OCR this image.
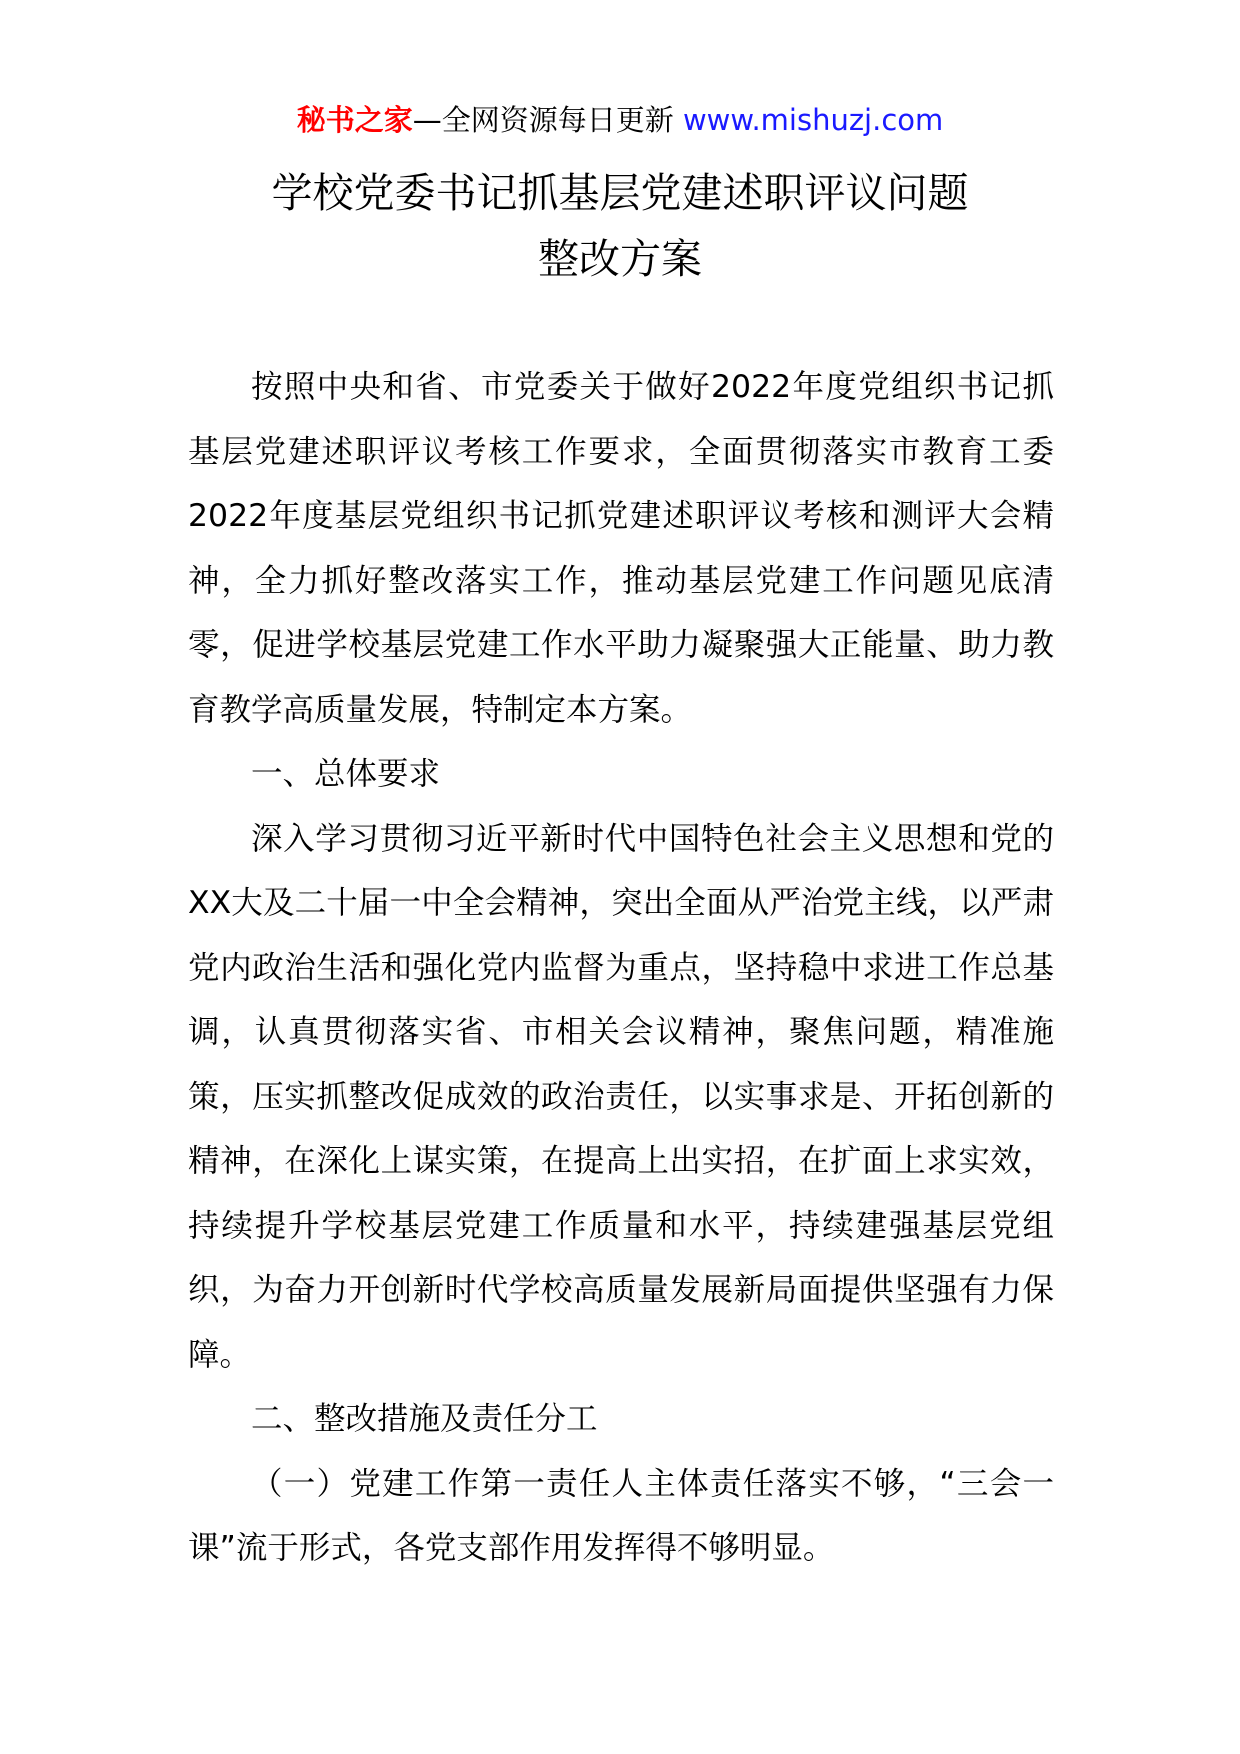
秘书之家—全网资源每日更新 www.mishuzj.com
学校党委书记抓基层党建述职评议问题
整改方案

按照中央和省、市党委关于做好2022年度党组织书记抓基层党建述职评议考核工作要求，全面贯彻落实市教育工委2022年度基层党组织书记抓党建述职评议考核和测评大会精神，全力抓好整改落实工作，推动基层党建工作问题见底清零，促进学校基层党建工作水平助力凝聚强大正能量、助力教育教学高质量发展，特制定本方案。

一、总体要求

深入学习贯彻习近平新时代中国特色社会主义思想和党的XX大及二十届一中全会精神，突出全面从严治党主线，以严肃党内政治生活和强化党内监督为重点，坚持稳中求进工作总基调，认真贯彻落实省、市相关会议精神，聚焦问题，精准施策，压实抓整改促成效的政治责任，以实事求是、开拓创新的精神，在深化上谋实策，在提高上出实招，在扩面上求实效，持续提升学校基层党建工作质量和水平，持续建强基层党组织，为奋力开创新时代学校高质量发展新局面提供坚强有力保障。

二、整改措施及责任分工

（一）党建工作第一责任人主体责任落实不够，“三会一课”流于形式，各党支部作用发挥得不够明显。
